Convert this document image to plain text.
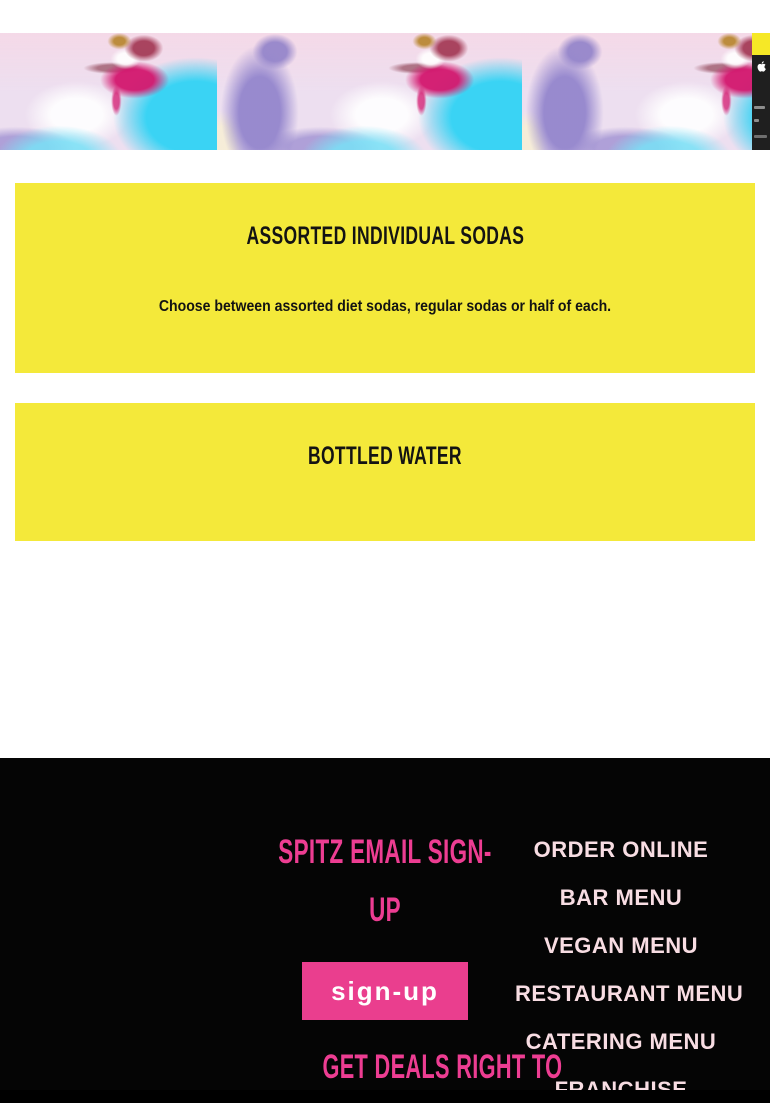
ASSORTED INDIVIDUAL SODAS

Choose between assorted diet sodas, regular sodas or half of each.

BOTTLED WATER

SPITZ EMAIL SIGN-UP
sign-up
GET DEALS RIGHT TO
ORDER ONLINE
BAR MENU
VEGAN MENU
RESTAURANT MENU
CATERING MENU
